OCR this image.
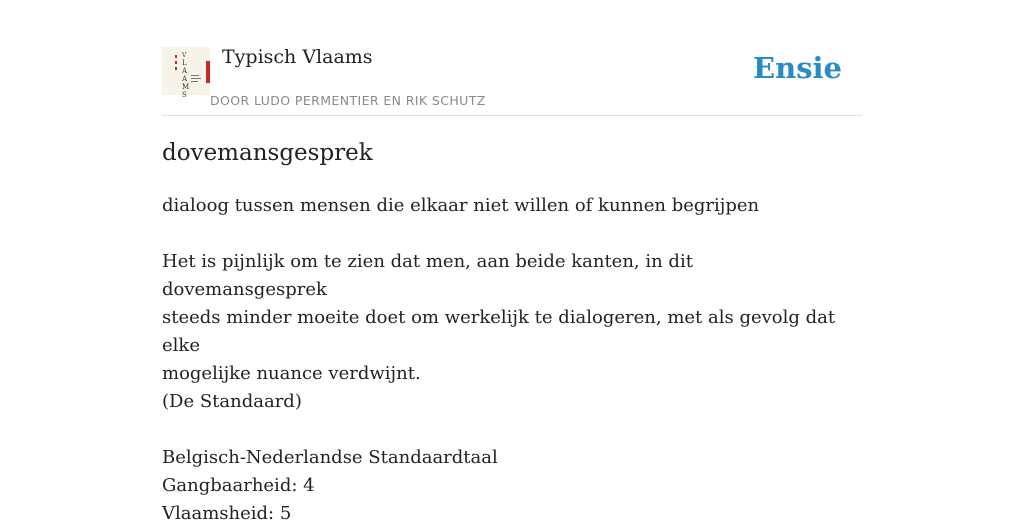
V
L
A
A
M
S
Typisch Vlaams
DOOR LUDO PERMENTIER EN RIK SCHUTZ
Ensie
dovemansgesprek
dialoog tussen mensen die elkaar niet willen of kunnen begrijpen
Het is pijnlijk om te zien dat men, aan beide kanten, in dit dovemansgesprek
steeds minder moeite doet om werkelijk te dialogeren, met als gevolg dat elke
mogelijke nuance verdwijnt.
(De Standaard)
Belgisch-Nederlandse Standaardtaal
Gangbaarheid: 4
Vlaamsheid: 5
